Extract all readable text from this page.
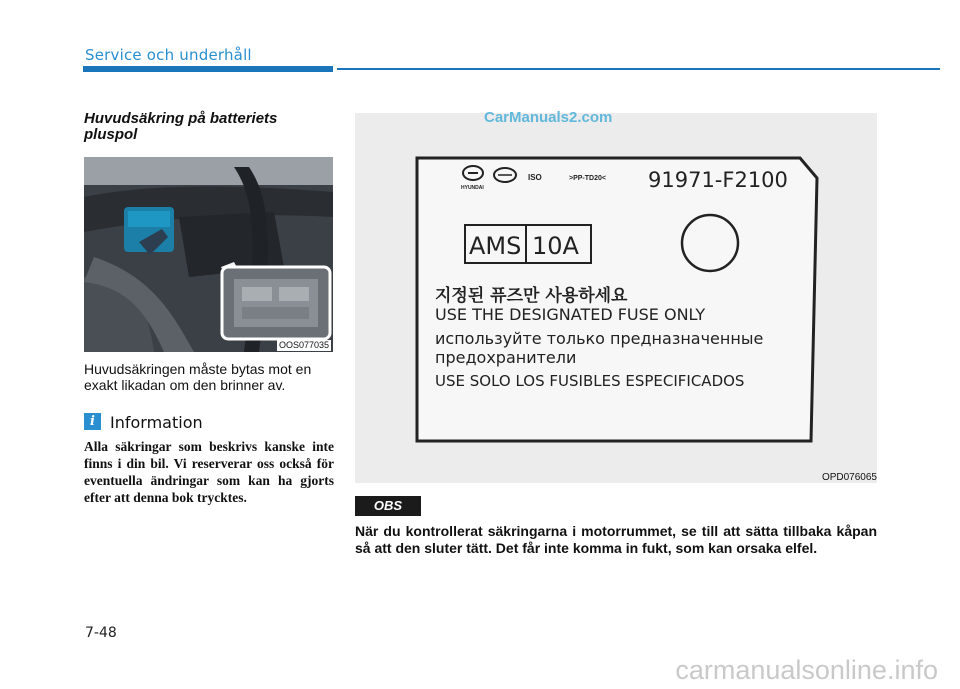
Service och underhåll
Huvudsäkring på batteriets pluspol
OOS077035
Huvudsäkringen måste bytas mot en exakt likadan om den brinner av.
i Information
Alla säkringar som beskrivs kanske inte finns i din bil. Vi reserverar oss också för eventuella ändringar som kan ha gjorts efter att denna bok trycktes.
HYUNDAI
ISO	>PP-TD20< 91971-F2100
AMS 10A
지정된 퓨즈만 사용하세요
USE THE DESIGNATED FUSE ONLY
используйте только предназначенные
предохранители
USE SOLO LOS FUSIBLES ESPECIFICADOS
CarManuals2.com
OPD076065
OBS
När du kontrollerat säkringarna i motorrummet, se till att sätta tillbaka kåpan så att den sluter tätt. Det får inte komma in fukt, som kan orsaka elfel.
7-48
carmanualsonline.info
